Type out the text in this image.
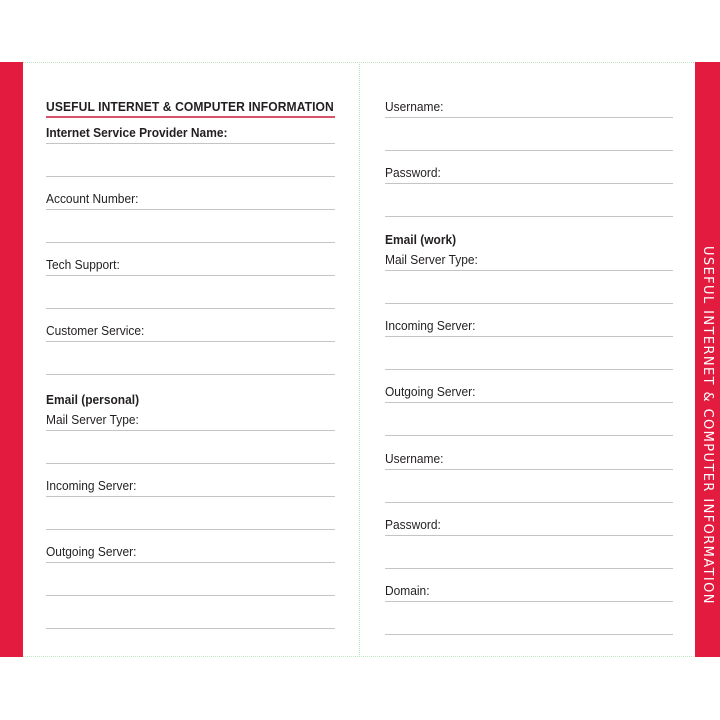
USEFUL INTERNET & COMPUTER INFORMATION
USEFUL INTERNET & COMPUTER INFORMATION
Internet Service Provider Name:
Account Number:
Tech Support:
Customer Service:
Email (personal)
Mail Server Type:
Incoming Server:
Outgoing Server:
Username:
Password:
Email (work)
Mail Server Type:
Incoming Server:
Outgoing Server:
Username:
Password:
Domain:
